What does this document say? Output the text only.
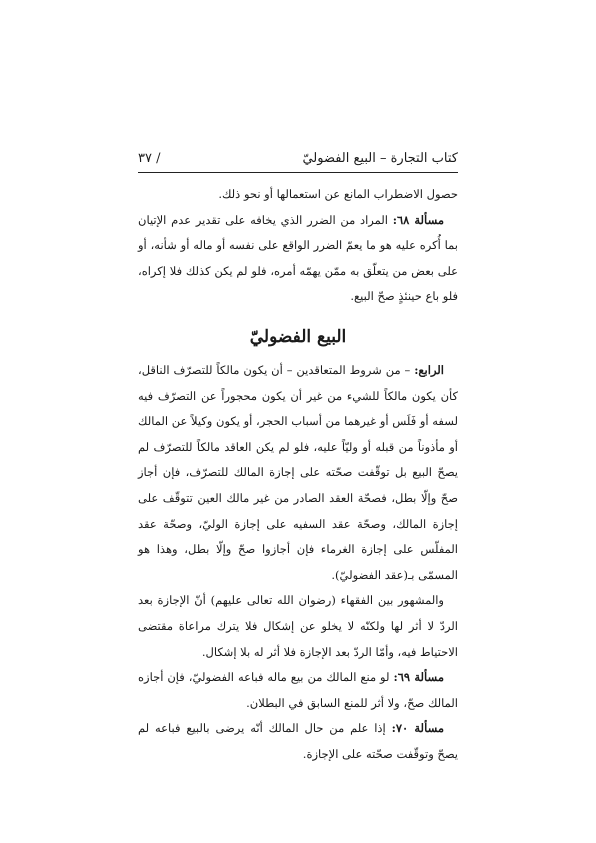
كتاب التجارة – البيع الفضوليّ
/ ٣٧

حصول الاضطراب المانع عن استعمالها أو نحو ذلك.

مسألة ٦٨: المراد من الضرر الذي يخافه على تقدير عدم الإتيان بما أُكره عليه هو ما يعمّ الضرر الواقع على نفسه أو ماله أو شأنه، أو على بعض من يتعلّق به ممّن يهمّه أمره، فلو لم يكن كذلك فلا إكراه، فلو باع حينئذٍ صحّ البيع.

البيع الفضوليّ

الرابع: – من شروط المتعاقدين – أن يكون مالكاً للتصرّف الناقل، كأن يكون مالكاً للشيء من غير أن يكون محجوراً عن التصرّف فيه لسفه أو فَلَس أو غيرهما من أسباب الحجر، أو يكون وكيلاً عن المالك أو مأذوناً من قبله أو وليّاً عليه، فلو لم يكن العاقد مالكاً للتصرّف لم يصحّ البيع بل توقّفت صحّته على إجازة المالك للتصرّف، فإن أجاز صحّ وإلّا بطل، فصحّة العقد الصادر من غير مالك العين تتوقّف على إجازة المالك، وصحّة عقد السفيه على إجازة الوليّ، وصحّة عقد المفلّس على إجازة الغرماء فإن أجازوا صحّ وإلّا بطل، وهذا هو المسمّى بـ(عقد الفضوليّ).

والمشهور بين الفقهاء (رضوان الله تعالى عليهم) أنّ الإجازة بعد الردّ لا أثر لها ولكنّه لا يخلو عن إشكال فلا يترك مراعاة مقتضى الاحتياط فيه، وأمّا الردّ بعد الإجازة فلا أثر له بلا إشكال.

مسألة ٦٩: لو منع المالك من بيع ماله فباعه الفضوليّ، فإن أجازه المالك صحّ، ولا أثر للمنع السابق في البطلان.

مسألة ٧٠: إذا علم من حال المالك أنّه يرضى بالبيع فباعه لم يصحّ وتوقّفت صحّته على الإجازة.
